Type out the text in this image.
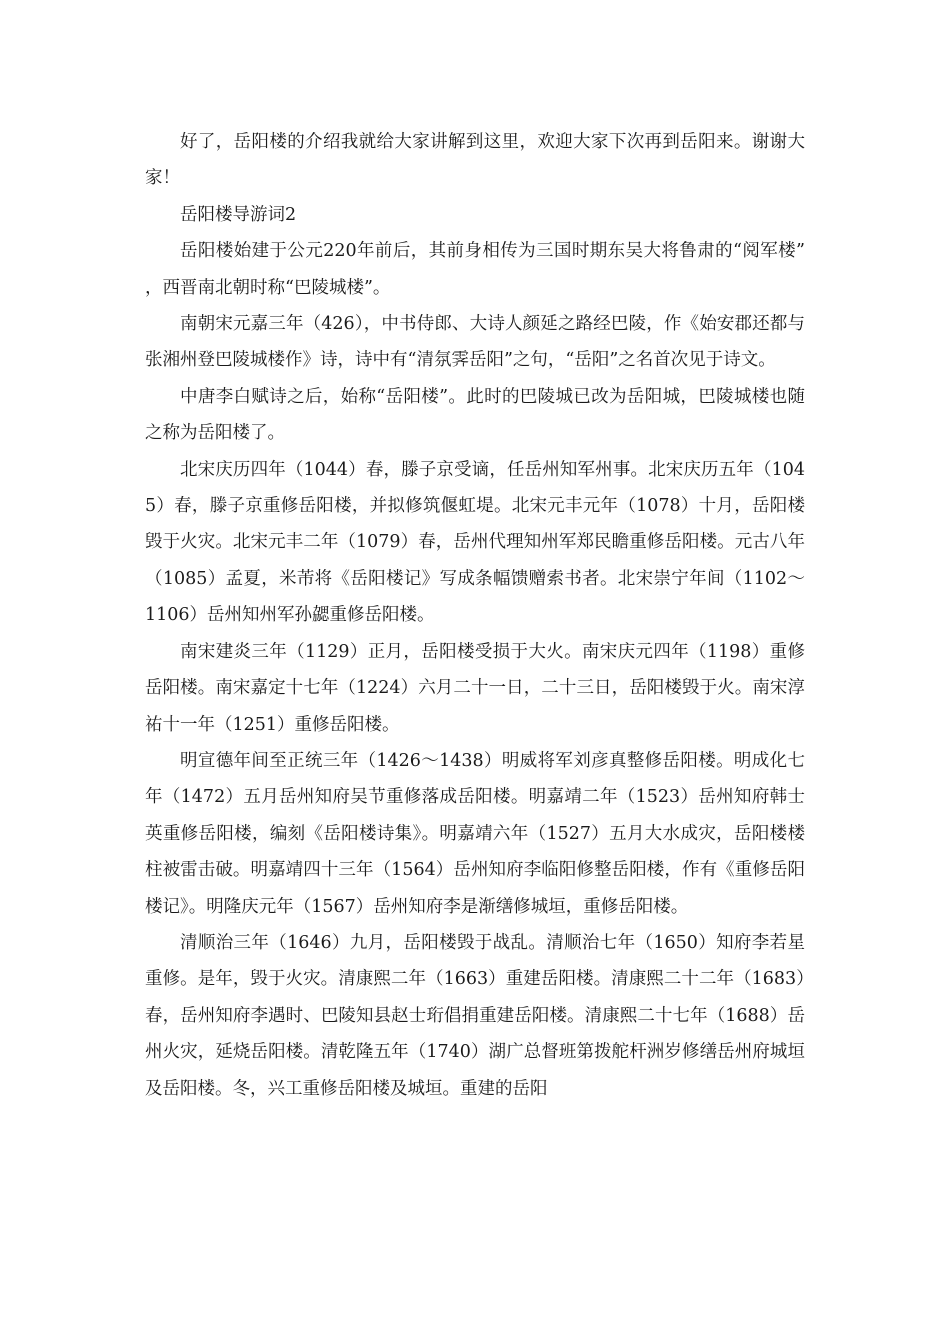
好了，岳阳楼的介绍我就给大家讲解到这里，欢迎大家下次再到岳阳来。谢谢大家！

岳阳楼导游词2

岳阳楼始建于公元220年前后，其前身相传为三国时期东吴大将鲁肃的“阅军楼”，西晋南北朝时称“巴陵城楼”。

南朝宋元嘉三年（426），中书侍郎、大诗人颜延之路经巴陵，作《始安郡还都与张湘州登巴陵城楼作》诗，诗中有“清氛霁岳阳”之句，“岳阳”之名首次见于诗文。

中唐李白赋诗之后，始称“岳阳楼”。此时的巴陵城已改为岳阳城，巴陵城楼也随之称为岳阳楼了。

北宋庆历四年（1044）春，滕子京受谪，任岳州知军州事。北宋庆历五年（1045）春，滕子京重修岳阳楼，并拟修筑偃虹堤。北宋元丰元年（1078）十月，岳阳楼毁于火灾。北宋元丰二年（1079）春，岳州代理知州军郑民瞻重修岳阳楼。元古八年（1085）孟夏，米芾将《岳阳楼记》写成条幅馈赠索书者。北宋崇宁年间（1102～1106）岳州知州军孙勰重修岳阳楼。

南宋建炎三年（1129）正月，岳阳楼受损于大火。南宋庆元四年（1198）重修岳阳楼。南宋嘉定十七年（1224）六月二十一日，二十三日，岳阳楼毁于火。南宋淳祐十一年（1251）重修岳阳楼。

明宣德年间至正统三年（1426～1438）明威将军刘彦真整修岳阳楼。明成化七年（1472）五月岳州知府吴节重修落成岳阳楼。明嘉靖二年（1523）岳州知府韩士英重修岳阳楼，编刻《岳阳楼诗集》。明嘉靖六年（1527）五月大水成灾，岳阳楼楼柱被雷击破。明嘉靖四十三年（1564）岳州知府李临阳修整岳阳楼，作有《重修岳阳楼记》。明隆庆元年（1567）岳州知府李是渐缮修城垣，重修岳阳楼。

清顺治三年（1646）九月，岳阳楼毁于战乱。清顺治七年（1650）知府李若星重修。是年，毁于火灾。清康熙二年（1663）重建岳阳楼。清康熙二十二年（1683）春，岳州知府李遇时、巴陵知县赵士珩倡捐重建岳阳楼。清康熙二十七年（1688）岳州火灾，延烧岳阳楼。清乾隆五年（1740）湖广总督班第拨舵杆洲岁修缮岳州府城垣及岳阳楼。冬，兴工重修岳阳楼及城垣。重建的岳阳
